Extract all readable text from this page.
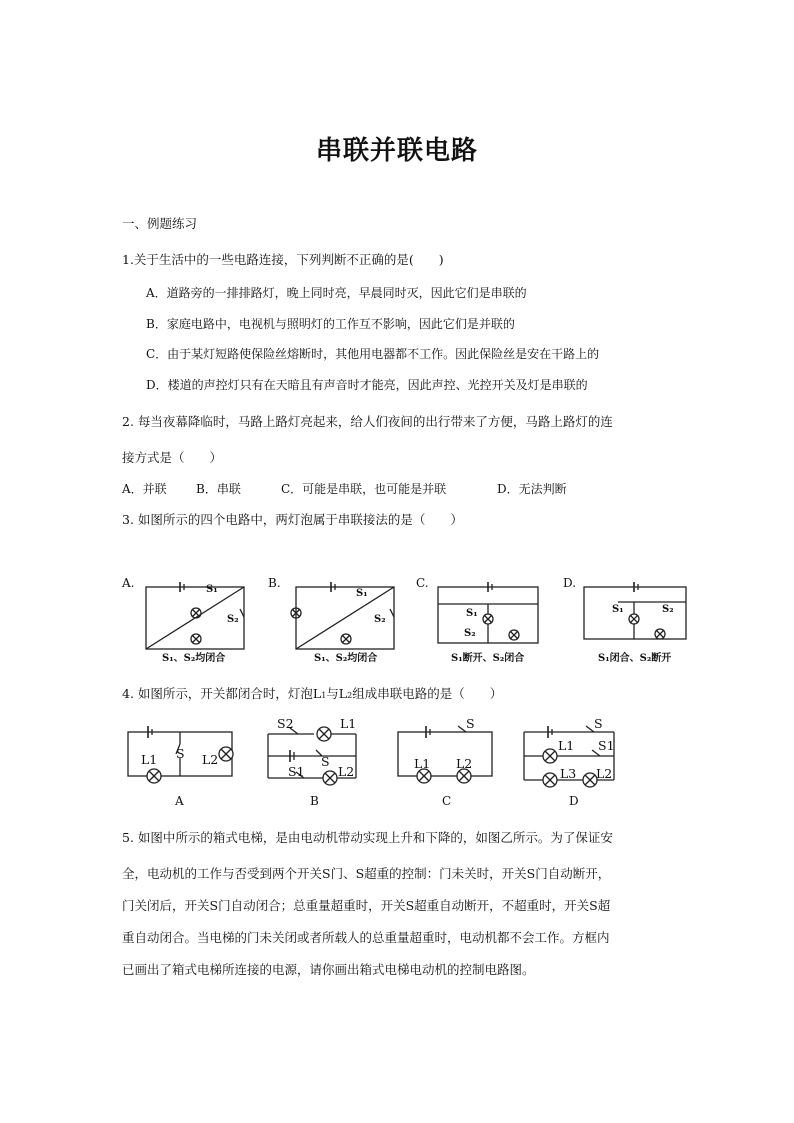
串联并联电路
一、例题练习
1.关于生活中的一些电路连接，下列判断不正确的是(　　)
A．道路旁的一排排路灯，晚上同时亮，早晨同时灭，因此它们是串联的
B．家庭电路中，电视机与照明灯的工作互不影响，因此它们是并联的
C．由于某灯短路使保险丝熔断时，其他用电器都不工作。因此保险丝是安在干路上的
D．楼道的声控灯只有在天暗且有声音时才能亮，因此声控、光控开关及灯是串联的
2. 每当夜幕降临时，马路上路灯亮起来，给人们夜间的出行带来了方便，马路上路灯的连
接方式是（　　）
A．并联 B．串联	C．可能是串联，也可能是并联	D．无法判断
3. 如图所示的四个电路中，两灯泡属于串联接法的是（　　）
A.	B.	C.	D.
S₁
S₂
S₁
S₂
S₁
S₂
S₁	S₂
S₁、S₂均闭合	S₁、S₂均闭合	S₁断开、S₂闭合	S₁闭合、S₂断开
4. 如图所示，开关都闭合时，灯泡L1与L2组成串联电路的是（　　）
L1 S L2
S2	L1
S
S1	L2
S
L1 L2
S
L1 S1
L3 L2
A	B	C	D
5. 如图中所示的箱式电梯，是由电动机带动实现上升和下降的，如图乙所示。为了保证安
全，电动机的工作与否受到两个开关S门、S超重的控制：门未关时，开关S门自动断开，
门关闭后，开关S门自动闭合；总重量超重时，开关S超重自动断开，不超重时，开关S超
重自动闭合。当电梯的门未关闭或者所载人的总重量超重时，电动机都不会工作。方框内
已画出了箱式电梯所连接的电源，请你画出箱式电梯电动机的控制电路图。
